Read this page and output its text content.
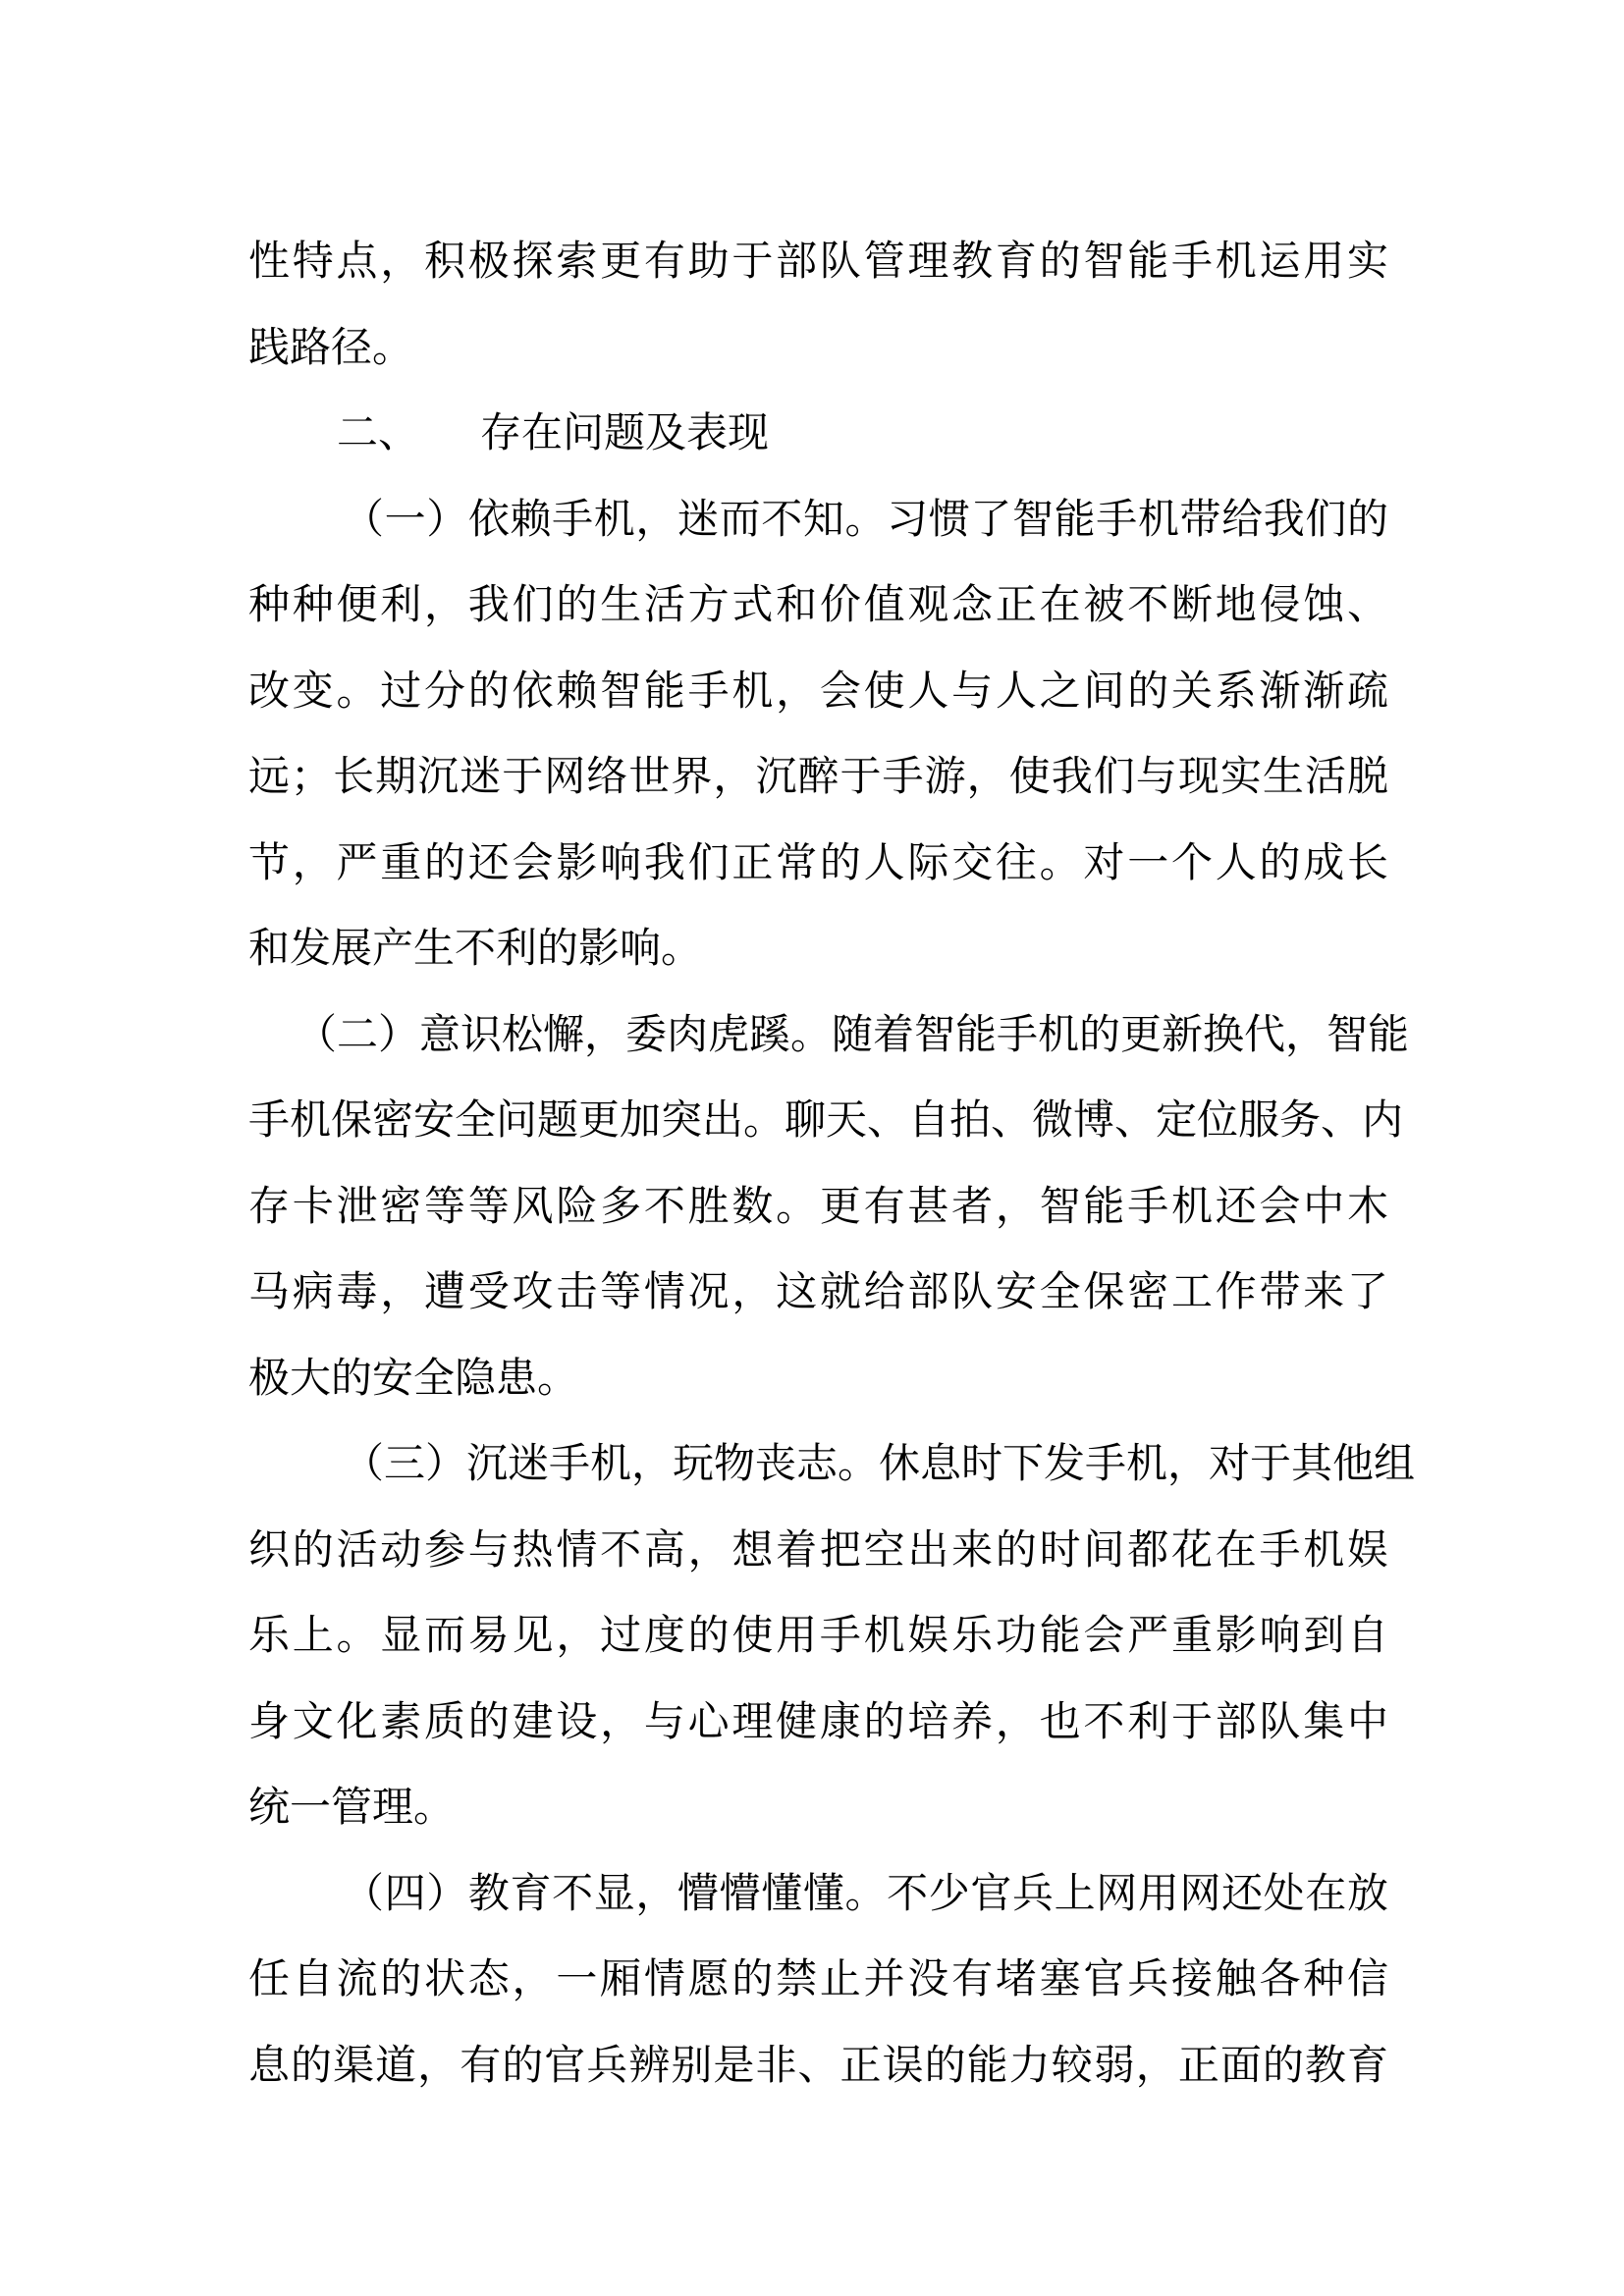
性特点，积极探索更有助于部队管理教育的智能手机运用实
践路径。
二、 存在问题及表现
（一）依赖手机，迷而不知。习惯了智能手机带给我们的
种种便利，我们的生活方式和价值观念正在被不断地侵蚀、
改变。过分的依赖智能手机，会使人与人之间的关系渐渐疏
远；长期沉迷于网络世界，沉醉于手游，使我们与现实生活脱
节，严重的还会影响我们正常的人际交往。对一个人的成长
和发展产生不利的影响。
（二）意识松懈，委肉虎蹊。随着智能手机的更新换代，智能
手机保密安全问题更加突出。聊天、自拍、微博、定位服务、内
存卡泄密等等风险多不胜数。更有甚者，智能手机还会中木
马病毒，遭受攻击等情况，这就给部队安全保密工作带来了
极大的安全隐患。
（三）沉迷手机，玩物丧志。休息时下发手机，对于其他组
织的活动参与热情不高，想着把空出来的时间都花在手机娱
乐上。显而易见，过度的使用手机娱乐功能会严重影响到自
身文化素质的建设，与心理健康的培养，也不利于部队集中
统一管理。
（四）教育不显，懵懵懂懂。不少官兵上网用网还处在放
任自流的状态，一厢情愿的禁止并没有堵塞官兵接触各种信
息的渠道，有的官兵辨别是非、正误的能力较弱，正面的教育
